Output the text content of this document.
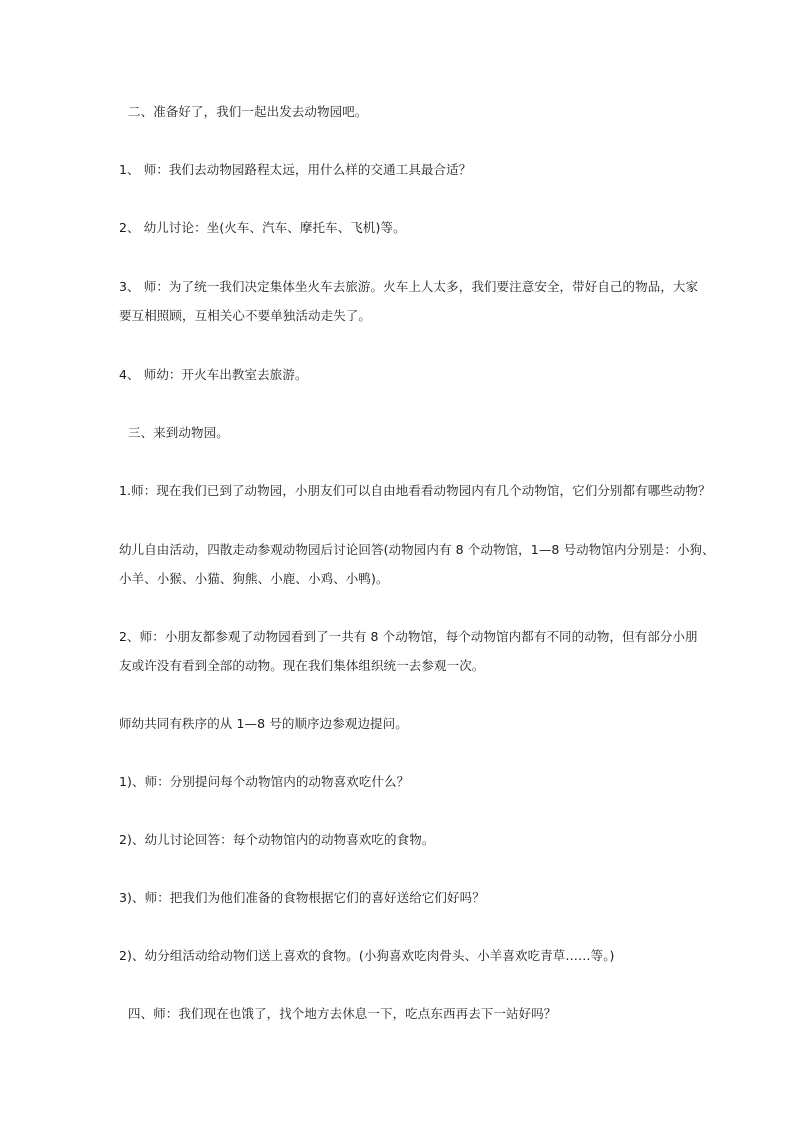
二、准备好了，我们一起出发去动物园吧。
1、 师：我们去动物园路程太远，用什么样的交通工具最合适？
2、 幼儿讨论：坐(火车、汽车、摩托车、飞机)等。
3、 师：为了统一我们决定集体坐火车去旅游。火车上人太多，我们要注意安全，带好自己的物品，大家
要互相照顾，互相关心不要单独活动走失了。
4、 师幼：开火车出教室去旅游。
三、来到动物园。
1.师：现在我们已到了动物园，小朋友们可以自由地看看动物园内有几个动物馆，它们分别都有哪些动物？
幼儿自由活动，四散走动参观动物园后讨论回答(动物园内有 8 个动物馆，1—8 号动物馆内分别是：小狗、
小羊、小猴、小猫、狗熊、小鹿、小鸡、小鸭)。
2、师：小朋友都参观了动物园看到了一共有 8 个动物馆，每个动物馆内都有不同的动物，但有部分小朋
友或许没有看到全部的动物。现在我们集体组织统一去参观一次。
师幼共同有秩序的从 1—8 号的顺序边参观边提问。
1)、师：分别提问每个动物馆内的动物喜欢吃什么？
2)、幼儿讨论回答：每个动物馆内的动物喜欢吃的食物。
3)、师：把我们为他们准备的食物根据它们的喜好送给它们好吗？
2)、幼分组活动给动物们送上喜欢的食物。(小狗喜欢吃肉骨头、小羊喜欢吃青草……等。)
四、师：我们现在也饿了，找个地方去休息一下，吃点东西再去下一站好吗？
